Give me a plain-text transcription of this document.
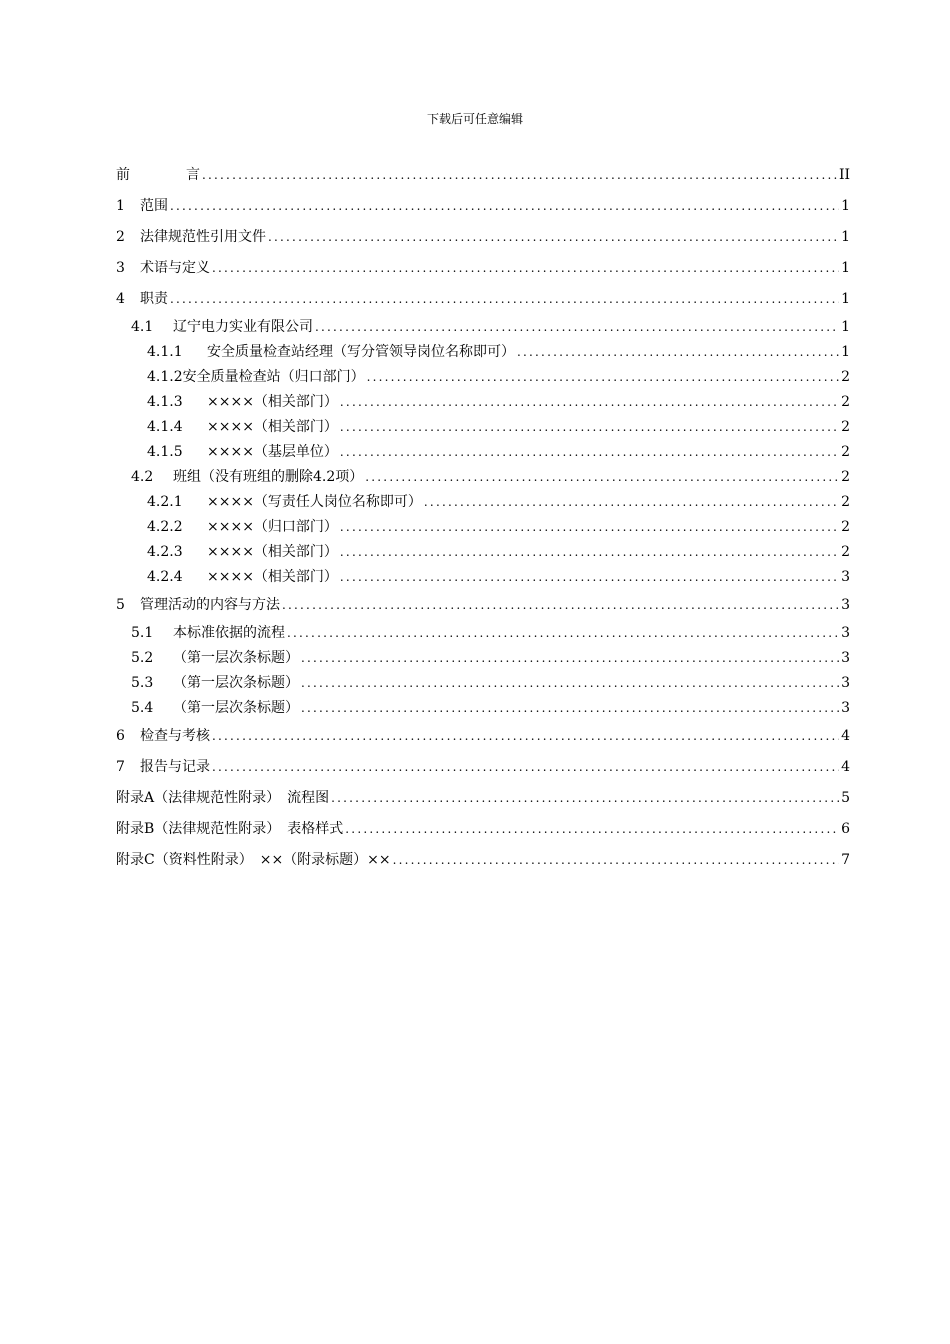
下载后可任意编辑
前　　　　言 .....	II
1 范围 .....	1
2 法律规范性引用文件 .....	1
3 术语与定义 .....	1
4 职责 .....	1
4.1 辽宁电力实业有限公司 .....	1
4.1.1 安全质量检查站经理（写分管领导岗位名称即可） .....	1
4.1.2安全质量检查站（归口部门） .....	2
4.1.3 ××××（相关部门） .....	2
4.1.4 ××××（相关部门） .....	2
4.1.5 ××××（基层单位） .....	2
4.2 班组（没有班组的删除4.2项） .....	2
4.2.1 ××××（写责任人岗位名称即可） .....	2
4.2.2 ××××（归口部门） .....	2
4.2.3 ××××（相关部门） .....	2
4.2.4 ××××（相关部门） .....	3
5 管理活动的内容与方法 .....	3
5.1 本标准依据的流程 .....	3
5.2 （第一层次条标题） .....	3
5.3 （第一层次条标题） .....	3
5.4 （第一层次条标题） .....	3
6 检查与考核 .....	4
7 报告与记录 .....	4
附录A（法律规范性附录）　流程图 .....	5
附录B（法律规范性附录）　表格样式 .....	6
附录C（资料性附录）　××（附录标题）×× .....	7
